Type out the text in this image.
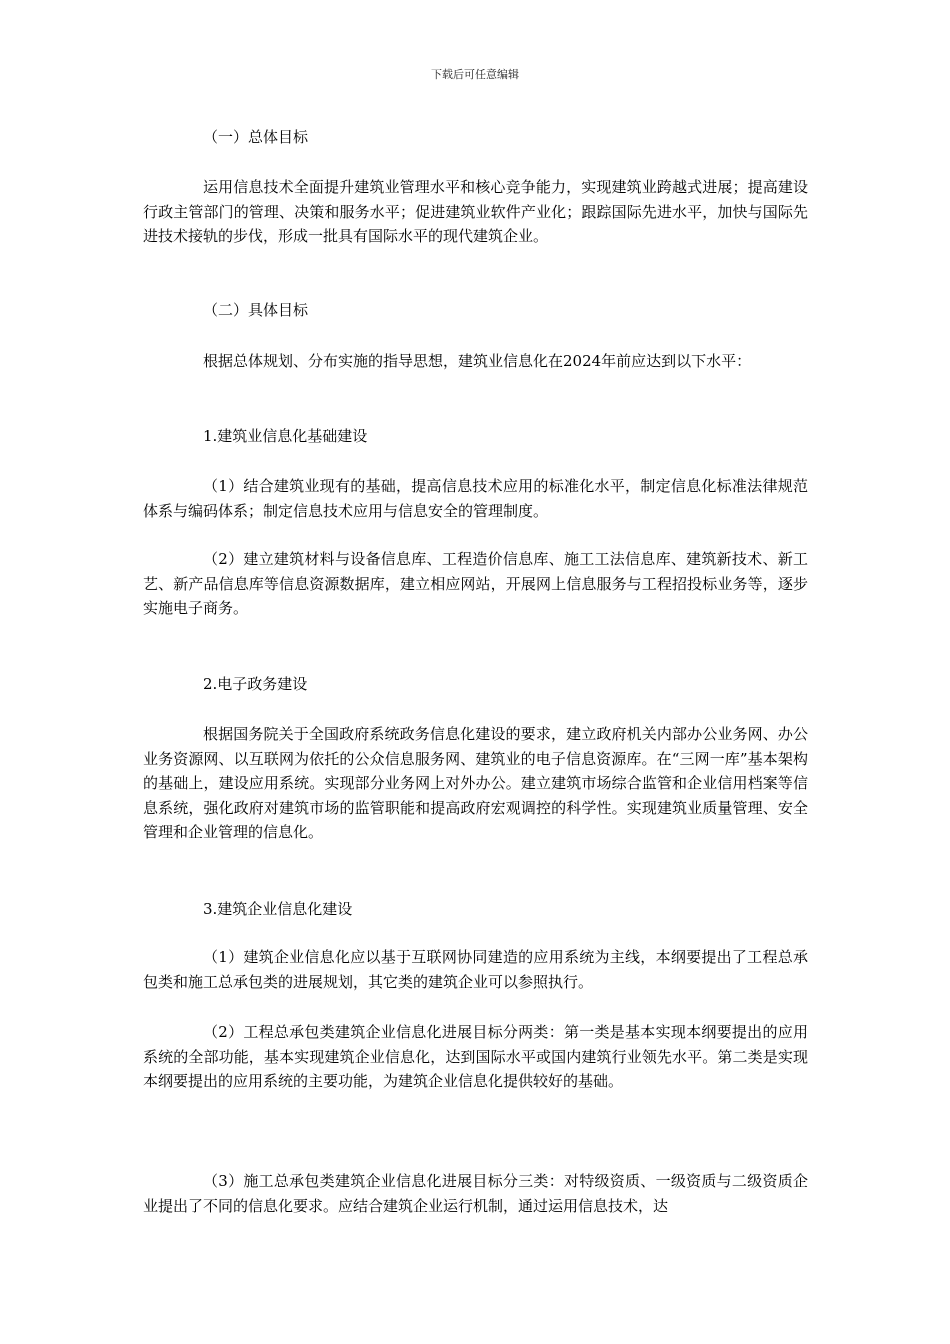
下载后可任意编辑

（一）总体目标

运用信息技术全面提升建筑业管理水平和核心竞争能力，实现建筑业跨越式进展；提高建设行政主管部门的管理、决策和服务水平；促进建筑业软件产业化；跟踪国际先进水平，加快与国际先进技术接轨的步伐，形成一批具有国际水平的现代建筑企业。

（二）具体目标

根据总体规划、分布实施的指导思想，建筑业信息化在2024年前应达到以下水平：

1.建筑业信息化基础建设

（1）结合建筑业现有的基础，提高信息技术应用的标准化水平，制定信息化标准法律规范体系与编码体系；制定信息技术应用与信息安全的管理制度。

（2）建立建筑材料与设备信息库、工程造价信息库、施工工法信息库、建筑新技术、新工艺、新产品信息库等信息资源数据库，建立相应网站，开展网上信息服务与工程招投标业务等，逐步实施电子商务。

2.电子政务建设

根据国务院关于全国政府系统政务信息化建设的要求，建立政府机关内部办公业务网、办公业务资源网、以互联网为依托的公众信息服务网、建筑业的电子信息资源库。在“三网一库”基本架构的基础上，建设应用系统。实现部分业务网上对外办公。建立建筑市场综合监管和企业信用档案等信息系统，强化政府对建筑市场的监管职能和提高政府宏观调控的科学性。实现建筑业质量管理、安全管理和企业管理的信息化。

3.建筑企业信息化建设

（1）建筑企业信息化应以基于互联网协同建造的应用系统为主线，本纲要提出了工程总承包类和施工总承包类的进展规划，其它类的建筑企业可以参照执行。

（2）工程总承包类建筑企业信息化进展目标分两类：第一类是基本实现本纲要提出的应用系统的全部功能，基本实现建筑企业信息化，达到国际水平或国内建筑行业领先水平。第二类是实现本纲要提出的应用系统的主要功能，为建筑企业信息化提供较好的基础。

（3）施工总承包类建筑企业信息化进展目标分三类：对特级资质、一级资质与二级资质企业提出了不同的信息化要求。应结合建筑企业运行机制，通过运用信息技术，达
